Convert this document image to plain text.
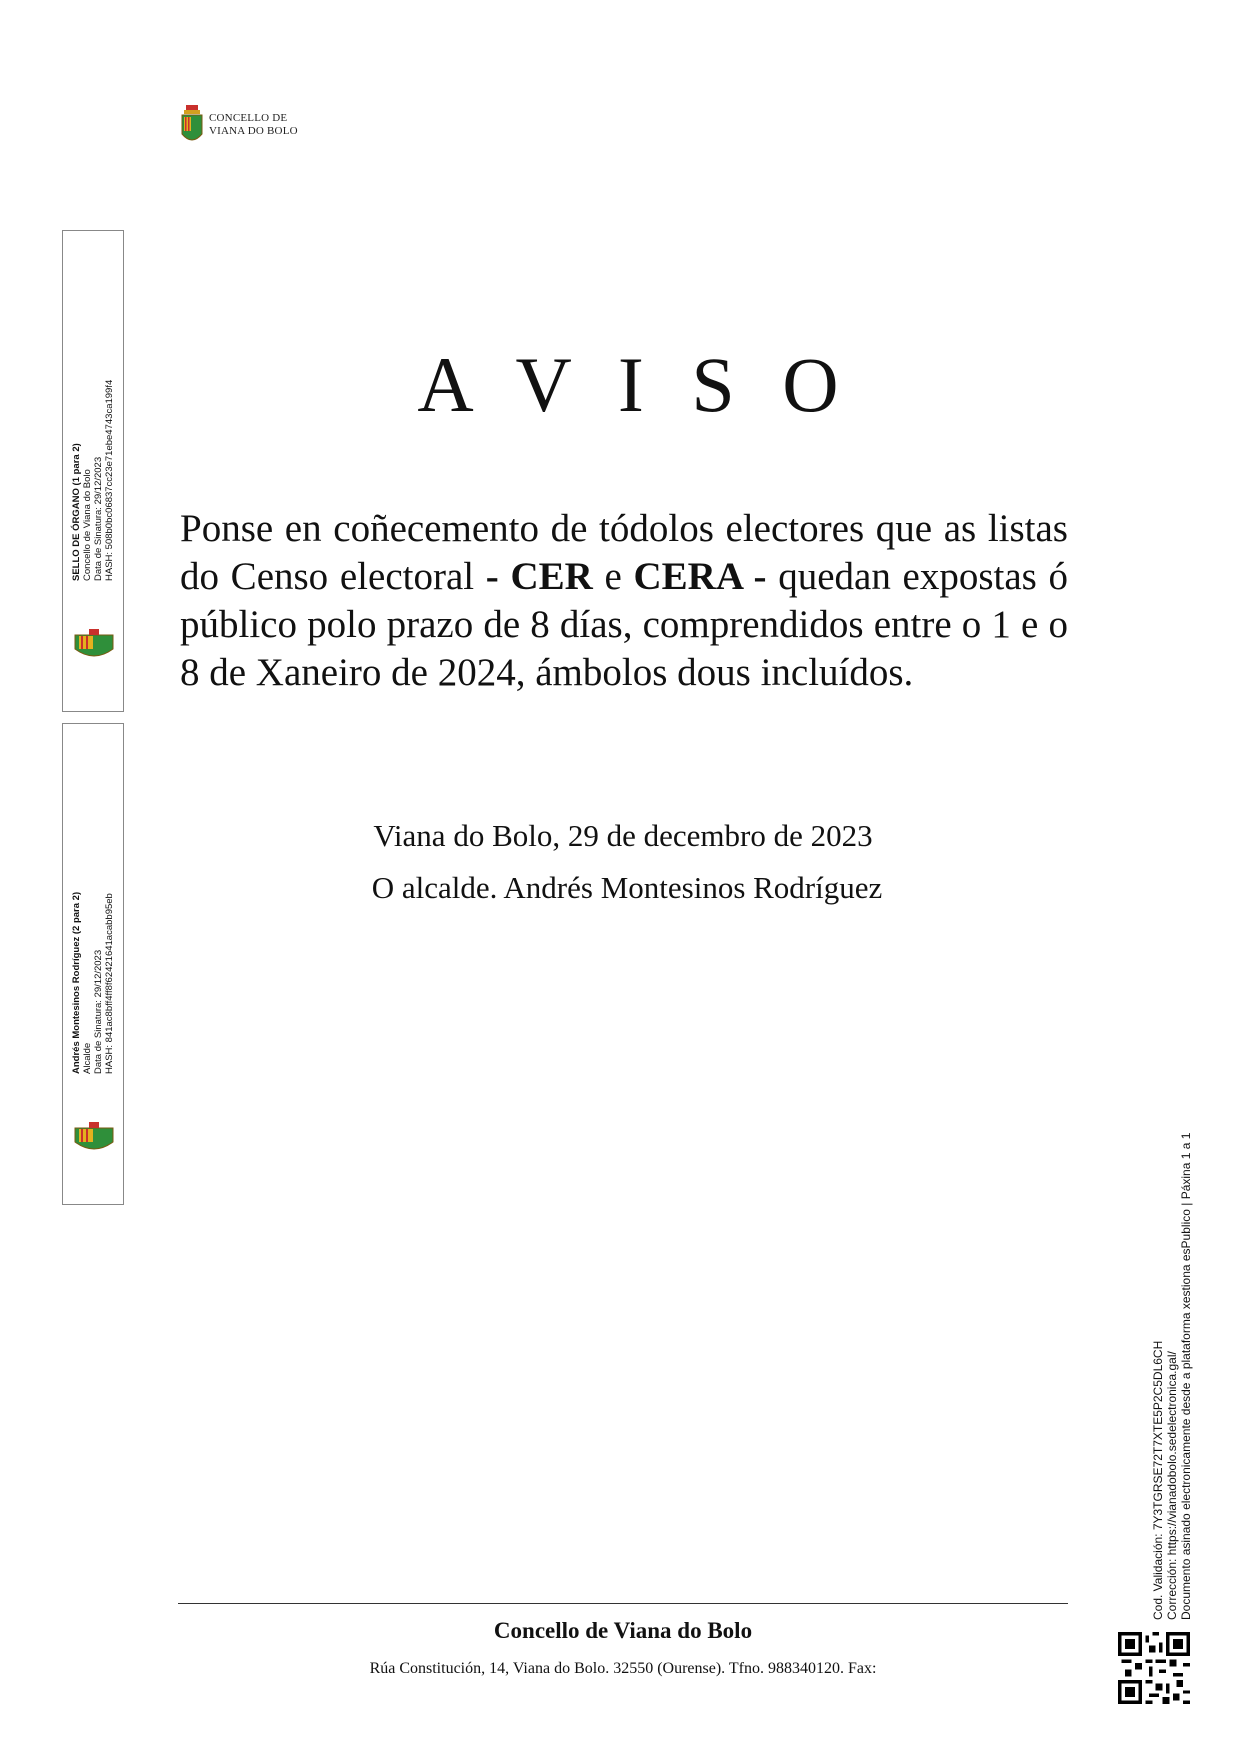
CONCELLO DE
VIANA DO BOLO
SELLO DE ÓRGANO (1 para 2) Concello de Viana do Bolo Data de Sinatura: 29/12/2023 HASH: 508b0bc06837cc23e71ebe4743ca199f4
Andrés Montesinos Rodríguez (2 para 2) Alcalde Data de Sinatura: 29/12/2023 HASH: 841ac8bff4ff8f62421641acabb95eb
A V I S O
Ponse en coñecemento de tódolos electores que as listas do Censo electoral - CER e CERA - quedan expostas ó público polo prazo de 8 días, comprendidos entre o 1 e o 8 de Xaneiro de 2024, ámbolos dous incluídos.
Viana do Bolo, 29 de decembro de 2023
O alcalde. Andrés Montesinos Rodríguez
Concello de Viana do Bolo
Rúa Constitución, 14, Viana do Bolo. 32550 (Ourense). Tfno. 988340120. Fax:
Cod. Validación: 7Y3TGRSE72T7XTE5P2C5DL6CH Corrección: https://vianadobolo.sedelectronica.gal/ Documento asinado electronicamente desde a plataforma xestiona esPublico | Páxina 1 a 1
